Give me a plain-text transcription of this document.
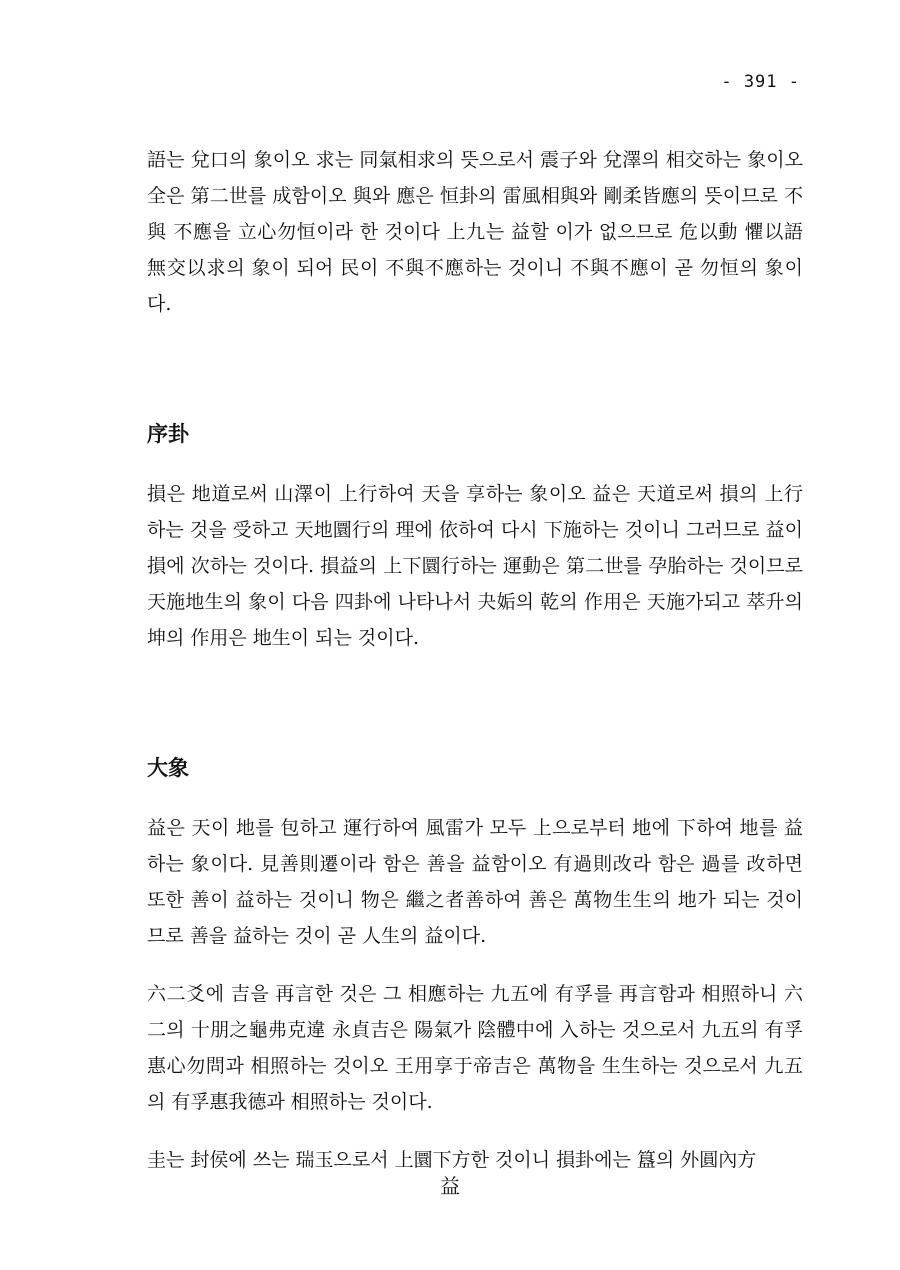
- 391 -

語는 兌口의 象이오 求는 同氣相求의 뜻으로서 震子와 兌澤의 相交하는 象이오 全은 第二世를 成함이오 與와 應은 恒卦의 雷風相與와 剛柔皆應의 뜻이므로 不與 不應을 立心勿恒이라 한 것이다 上九는 益할 이가 없으므로 危以動 懼以語 無交以求의 象이 되어 民이 不與不應하는 것이니 不與不應이 곧 勿恒의 象이다.

序卦

損은 地道로써 山澤이 上行하여 天을 享하는 象이오 益은 天道로써 損의 上行하는 것을 受하고 天地圜行의 理에 依하여 다시 下施하는 것이니 그러므로 益이 損에 次하는 것이다. 損益의 上下圜行하는 運動은 第二世를 孕胎하는 것이므로 天施地生의 象이 다음 四卦에 나타나서 夬姤의 乾의 作用은 天施가되고 萃升의 坤의 作用은 地生이 되는 것이다.

大象

益은 天이 地를 包하고 運行하여 風雷가 모두 上으로부터 地에 下하여 地를 益하는 象이다. 見善則遷이라 함은 善을 益함이오 有過則改라 함은 過를 改하면 또한 善이 益하는 것이니 物은 繼之者善하여 善은 萬物生生의 地가 되는 것이므로 善을 益하는 것이 곧 人生의 益이다.

六二爻에 吉을 再言한 것은 그 相應하는 九五에 有孚를 再言함과 相照하니 六二의 十朋之龜弗克違 永貞吉은 陽氣가 陰體中에 入하는 것으로서 九五의 有孚惠心勿問과 相照하는 것이오 王用享于帝吉은 萬物을 生生하는 것으로서 九五의 有孚惠我德과 相照하는 것이다.

圭는 封侯에 쓰는 瑞玉으로서 上圜下方한 것이니 損卦에는 簋의 外圓內方

益
